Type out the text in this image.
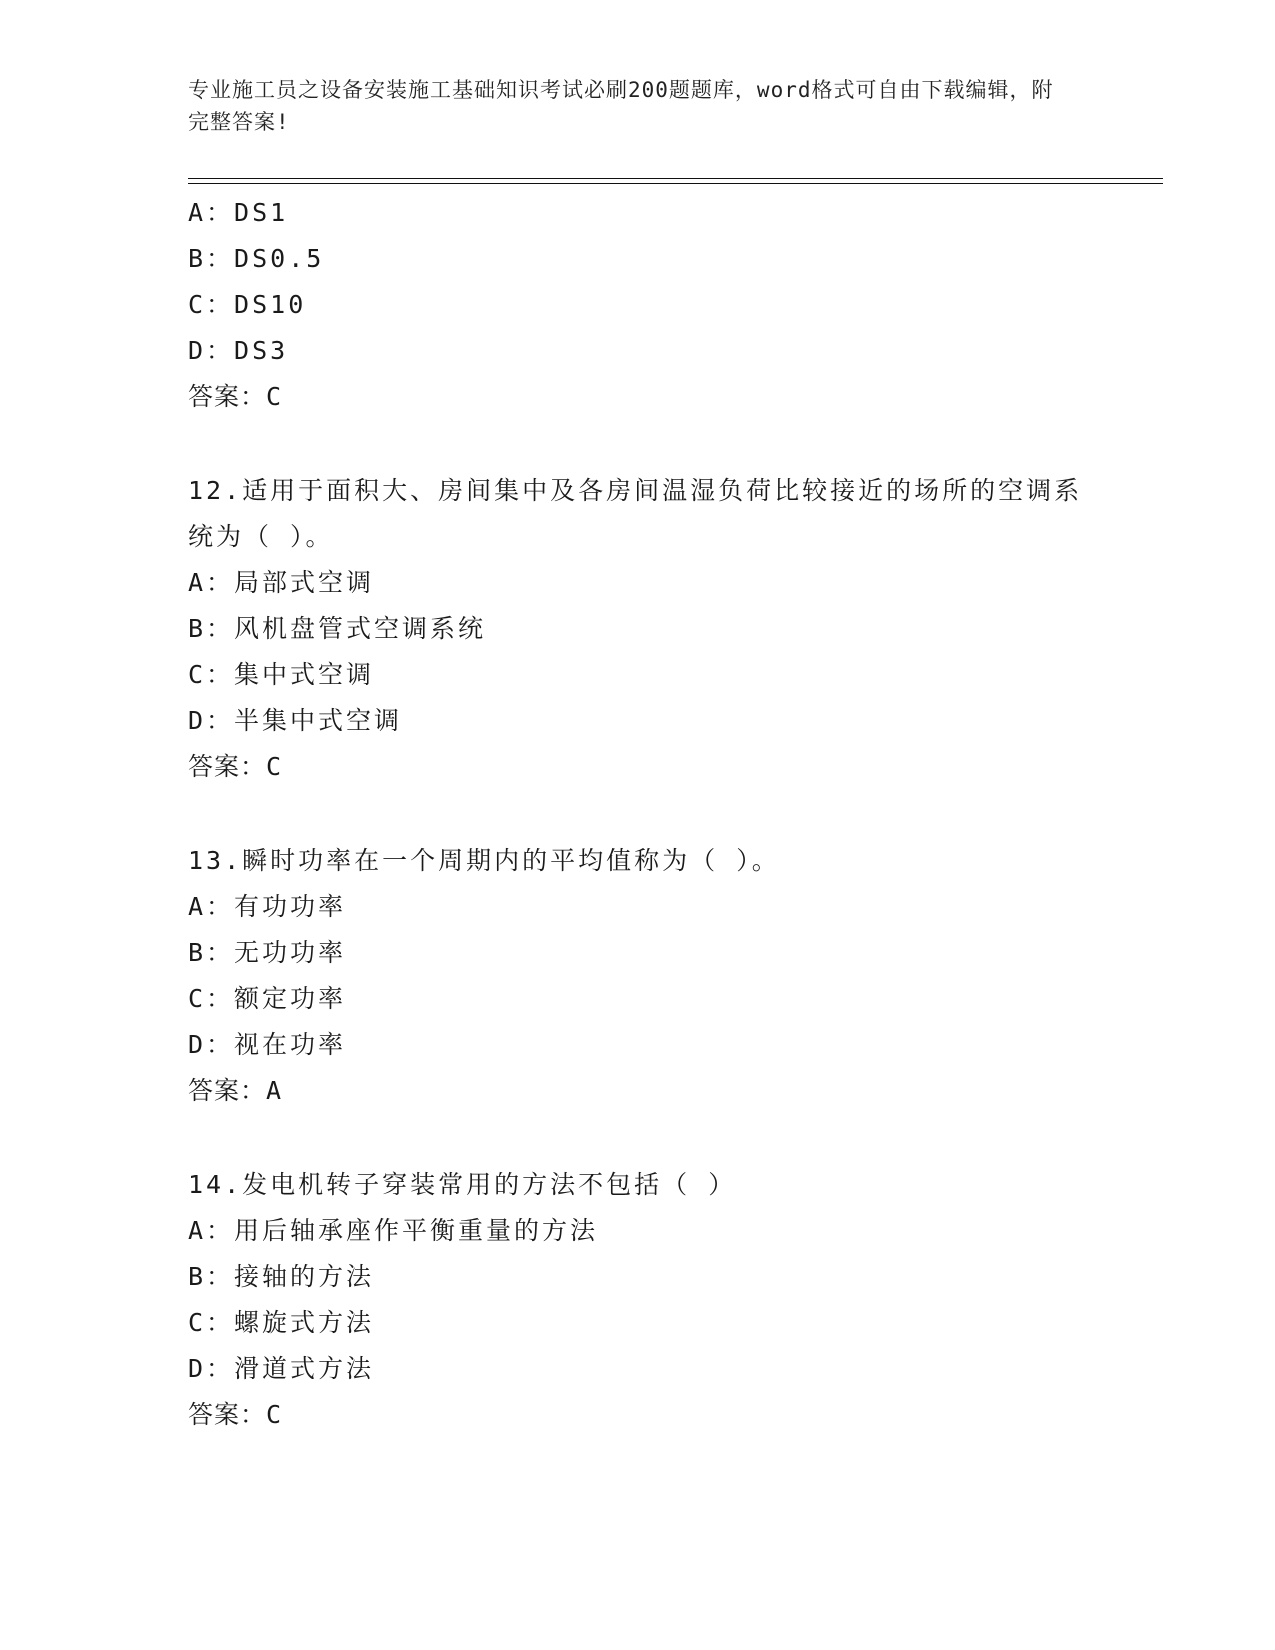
专业施工员之设备安装施工基础知识考试必刷200题题库，word格式可自由下载编辑，附完整答案!
A：DS1
B：DS0.5
C：DS10
D：DS3
答案：C
12.适用于面积大、房间集中及各房间温湿负荷比较接近的场所的空调系统为（ ）。
A：局部式空调
B：风机盘管式空调系统
C：集中式空调
D：半集中式空调
答案：C
13.瞬时功率在一个周期内的平均值称为（ ）。
A：有功功率
B：无功功率
C：额定功率
D：视在功率
答案：A
14.发电机转子穿装常用的方法不包括（ ）
A：用后轴承座作平衡重量的方法
B：接轴的方法
C：螺旋式方法
D：滑道式方法
答案：C
